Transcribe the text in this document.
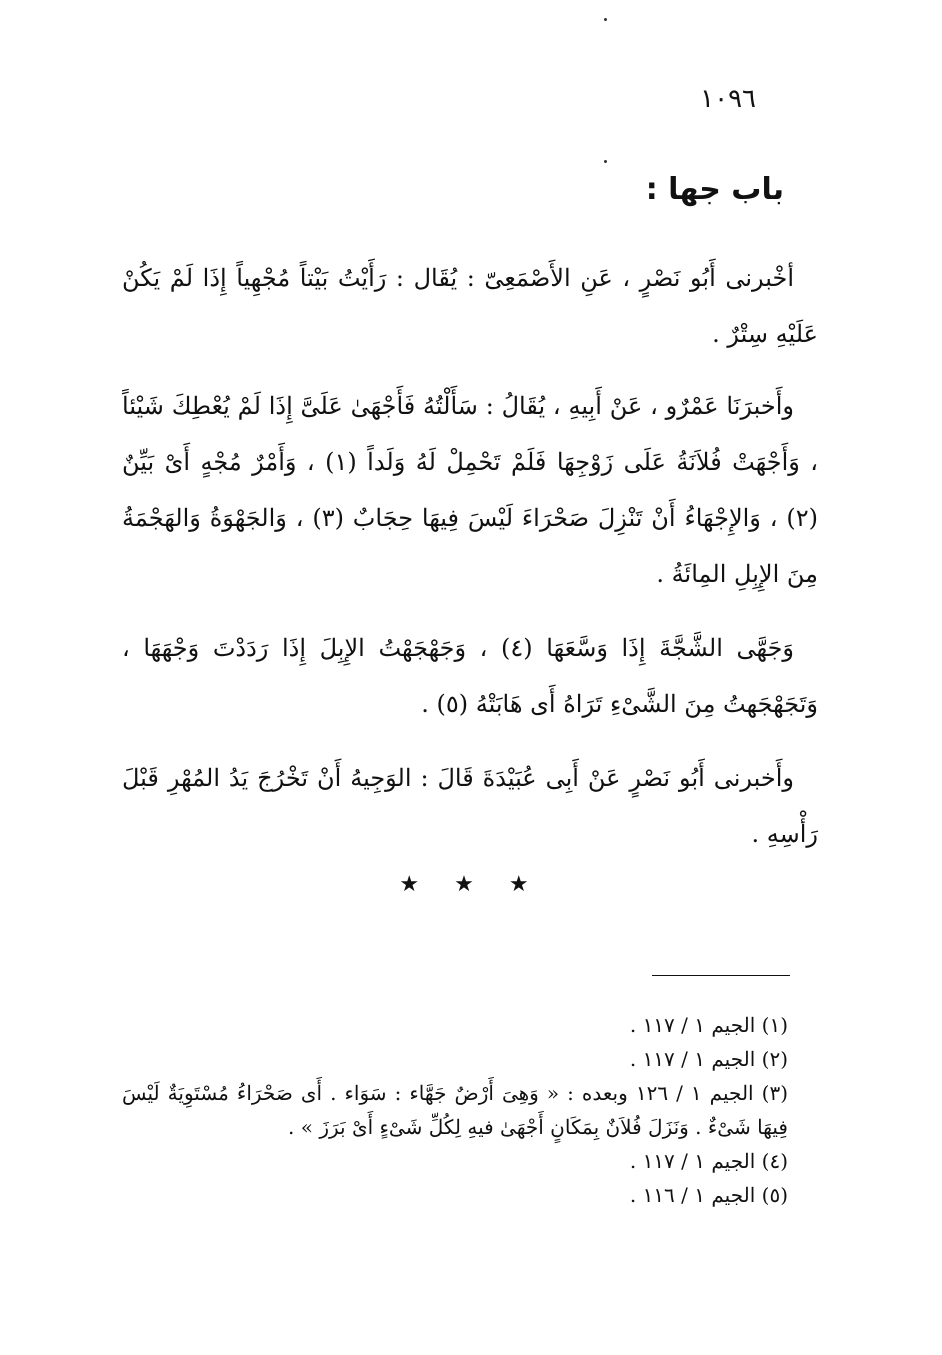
١٠٩٦
باب جها :

أخْبرنى أَبُو نَصْرٍ ، عَنِ الأَصْمَعِىّ : يُقَال : رَأَيْتُ بَيْتاً مُجْهِياً إِذَا لَمْ يَكُنْ عَلَيْهِ سِتْرٌ .

وأَخبرَنَا عَمْرٌو ، عَنْ أَبِيهِ ، يُقَالُ : سَأَلْتُهُ فَأَجْهَىٰ عَلَىَّ إِذَا لَمْ يُعْطِكَ شَيْئاً ، وَأَجْهَتْ فُلاَنَةُ عَلَى زَوْجِهَا فَلَمْ تَحْمِلْ لَهُ وَلَداً (١) ، وَأَمْرٌ مُجْهٍ أَىْ بَيِّنٌ (٢) ، وَالإِجْهَاءُ أَنْ تَنْزِلَ صَحْرَاءَ لَيْسَ فِيهَا حِجَابٌ (٣) ، وَالجَهْوَةُ وَالهَجْمَةُ مِنَ الإِبِلِ المِائَةُ .

وَجَهَّى الشَّجَّةَ إِذَا وَسَّعَهَا (٤) ، وَجَهْجَهْتُ الإِبِلَ إِذَا رَدَدْتَ وَجْهَهَا ، وَتَجَهْجَهتُ مِنَ الشَّىْءِ تَرَاهُ أَى هَابَتْهُ (٥) .

وأَخبرنى أَبُو نَصْرٍ عَنْ أَبِى عُبَيْدَةَ قَالَ : الوَجِيهُ أَنْ تَخْرُجَ يَدُ المُهْرِ قَبْلَ رَأْسِهِ .

★ ★ ★

(١) الجيم ١ / ١١٧ .

(٢) الجيم ١ / ١١٧ .

(٣) الجيم ١ / ١٢٦ وبعده : « وَهِىَ أَرْضٌ جَهَّاء : سَوَاء . أَى صَحْرَاءُ مُسْتَوِيَةٌ لَيْسَ فِيهَا شَىْءٌ . وَنَزَلَ فُلاَنٌ بِمَكَانٍ أَجْهَىٰ فيهِ لِكُلِّ شَىْءٍ أَىْ بَرَزَ » .

(٤) الجيم ١ / ١١٧ .

(٥) الجيم ١ / ١١٦ .
